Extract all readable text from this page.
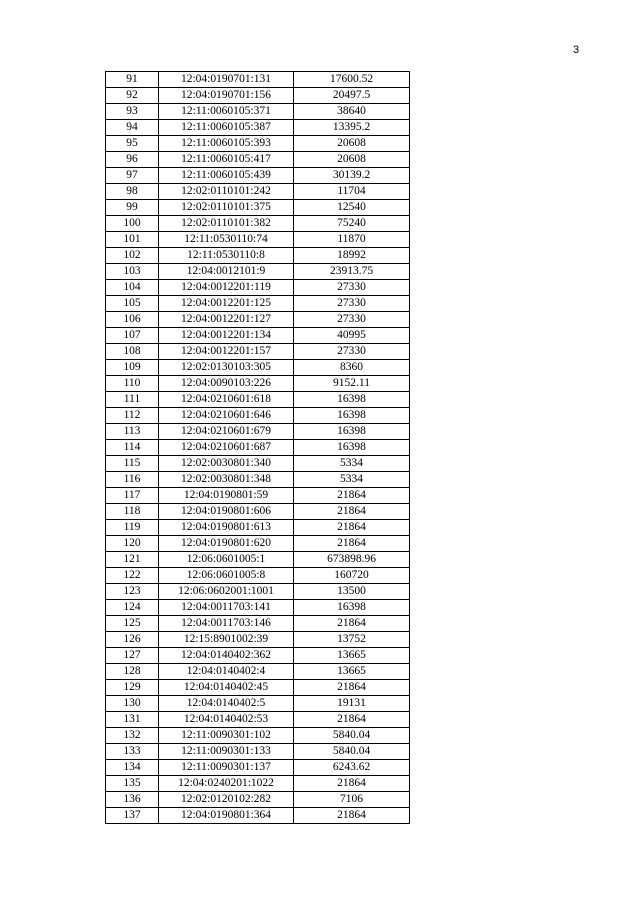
3
91	12:04:0190701:131	17600.52
92	12:04:0190701:156	20497.5
93	12:11:0060105:371	38640
94	12:11:0060105:387	13395.2
95	12:11:0060105:393	20608
96	12:11:0060105:417	20608
97	12:11:0060105:439	30139.2
98	12:02:0110101:242	11704
99	12:02:0110101:375	12540
100	12:02:0110101:382	75240
101	12:11:0530110:74	11870
102	12:11:0530110:8	18992
103	12:04:0012101:9	23913.75
104	12:04:0012201:119	27330
105	12:04:0012201:125	27330
106	12:04:0012201:127	27330
107	12:04:0012201:134	40995
108	12:04:0012201:157	27330
109	12:02:0130103:305	8360
110	12:04:0090103:226	9152.11
111	12:04:0210601:618	16398
112	12:04:0210601:646	16398
113	12:04:0210601:679	16398
114	12:04:0210601:687	16398
115	12:02:0030801:340	5334
116	12:02:0030801:348	5334
117	12:04:0190801:59	21864
118	12:04:0190801:606	21864
119	12:04:0190801:613	21864
120	12:04:0190801:620	21864
121	12:06:0601005:1	673898.96
122	12:06:0601005:8	160720
123	12:06:0602001:1001	13500
124	12:04:0011703:141	16398
125	12:04:0011703:146	21864
126	12:15:8901002:39	13752
127	12:04:0140402:362	13665
128	12:04:0140402:4	13665
129	12:04:0140402:45	21864
130	12:04:0140402:5	19131
131	12:04:0140402:53	21864
132	12:11:0090301:102	5840.04
133	12:11:0090301:133	5840.04
134	12:11:0090301:137	6243.62
135	12:04:0240201:1022	21864
136	12:02:0120102:282	7106
137	12:04:0190801:364	21864
